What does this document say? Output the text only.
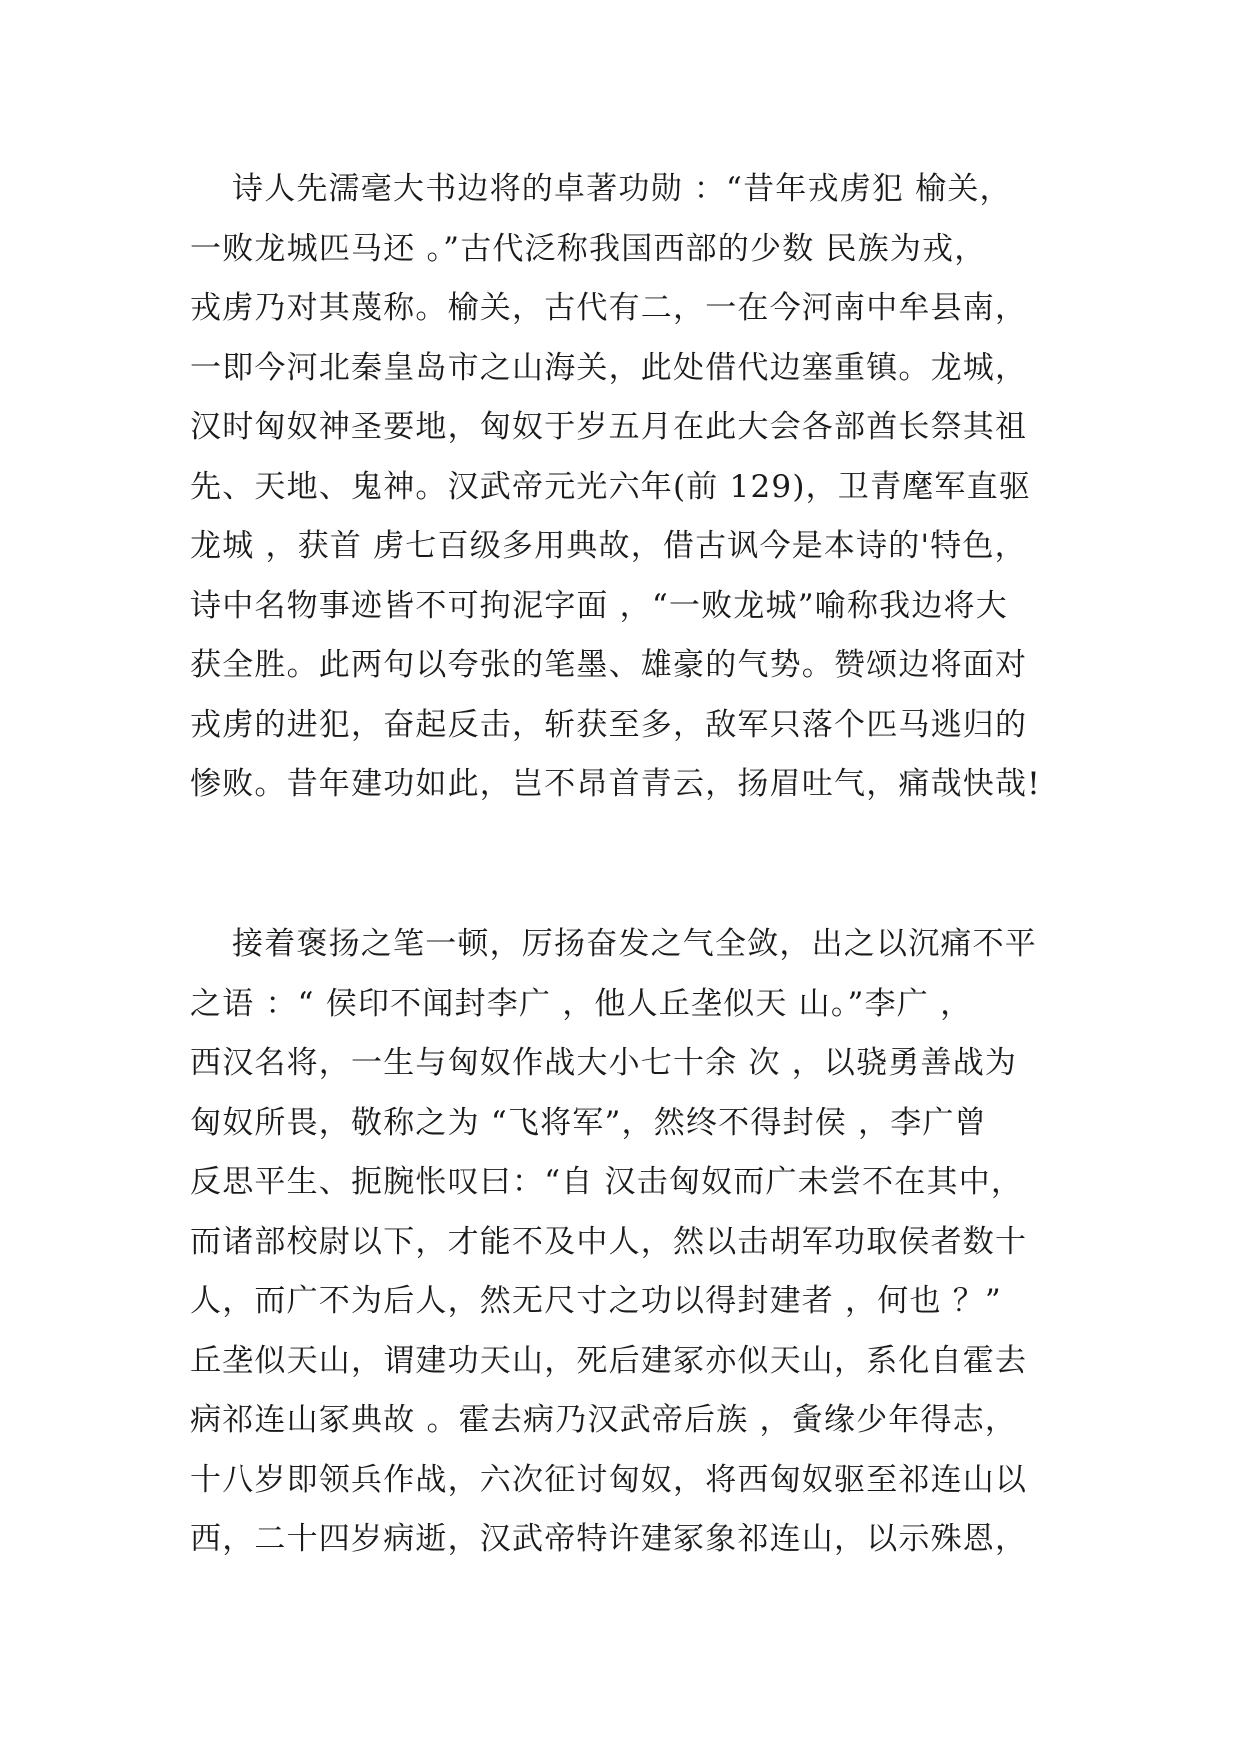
诗人先濡毫大书边将的卓著功勋 ：“昔年戎虏犯 榆关，
一败龙城匹马还 。”古代泛称我国西部的少数 民族为戎，
戎虏乃对其蔑称。榆关，古代有二，一在今河南中牟县南，
一即今河北秦皇岛市之山海关，此处借代边塞重镇。龙城，
汉时匈奴神圣要地，匈奴于岁五月在此大会各部酋长祭其祖
先、天地、鬼神。汉武帝元光六年(前 129)，卫青麾军直驱
龙城 ，获首 虏七百级多用典故，借古讽今是本诗的'特色，
诗中名物事迹皆不可拘泥字面 ，“一败龙城”喻称我边将大
获全胜。此两句以夸张的笔墨、雄豪的气势。赞颂边将面对
戎虏的进犯，奋起反击，斩获至多，敌军只落个匹马逃归的
惨败。昔年建功如此，岂不昂首青云，扬眉吐气，痛哉快哉!
接着褒扬之笔一顿，厉扬奋发之气全敛，出之以沉痛不平
之语 ：“ 侯印不闻封李广 ，他人丘垄似天 山。”李广 ，
西汉名将，一生与匈奴作战大小七十余 次 ，以骁勇善战为
匈奴所畏，敬称之为 “飞将军”，然终不得封侯 ，李广曾
反思平生、扼腕怅叹曰：“自 汉击匈奴而广未尝不在其中，
而诸部校尉以下，才能不及中人，然以击胡军功取侯者数十
人，而广不为后人，然无尺寸之功以得封建者 ，何也 ？”
丘垄似天山，谓建功天山，死后建冢亦似天山，系化自霍去
病祁连山冢典故 。霍去病乃汉武帝后族 ，夤缘少年得志，
十八岁即领兵作战，六次征讨匈奴，将西匈奴驱至祁连山以
西，二十四岁病逝，汉武帝特许建冢象祁连山，以示殊恩，
